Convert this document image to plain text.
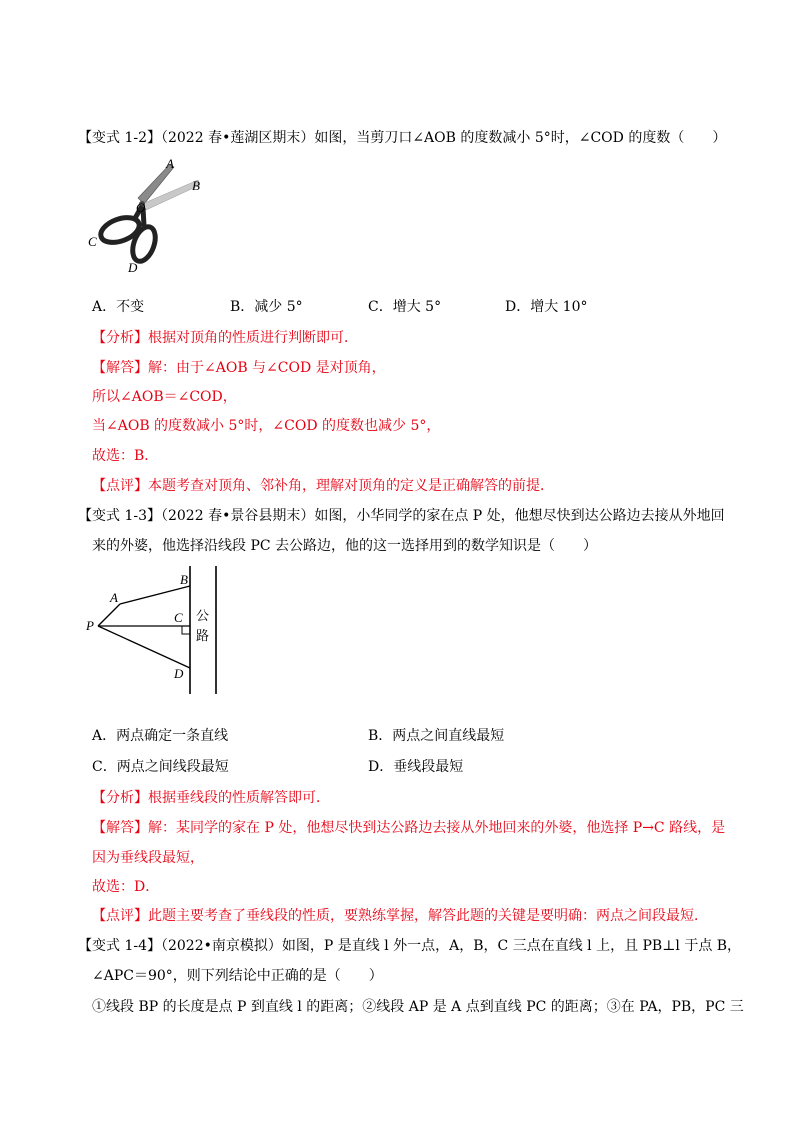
【变式 1-2】（2022 春•莲湖区期末）如图，当剪刀口∠AOB 的度数减小 5°时，∠COD 的度数（　　）
A
B
O
C
D
A．不变	B．减少 5°	C．增大 5°	D．增大 10°
【分析】根据对顶角的性质进行判断即可．
【解答】解：由于∠AOB 与∠COD 是对顶角，
所以∠AOB＝∠COD，
当∠AOB 的度数减小 5°时，∠COD 的度数也减少 5°，
故选：B．
【点评】本题考查对顶角、邻补角，理解对顶角的定义是正确解答的前提．
【变式 1-3】（2022 春•景谷县期末）如图，小华同学的家在点 P 处，他想尽快到达公路边去接从外地回
来的外婆，他选择沿线段 PC 去公路边，他的这一选择用到的数学知识是（　　）
A
B
C
D
P
公
路
A．两点确定一条直线	B．两点之间直线最短
C．两点之间线段最短	D．垂线段最短
【分析】根据垂线段的性质解答即可．
【解答】解：某同学的家在 P 处，他想尽快到达公路边去接从外地回来的外婆，他选择 P→C 路线，是
因为垂线段最短，
故选：D．
【点评】此题主要考查了垂线段的性质，要熟练掌握，解答此题的关键是要明确：两点之间段最短．
【变式 1-4】（2022•南京模拟）如图，P 是直线 l 外一点，A，B，C 三点在直线 l 上，且 PB⊥l 于点 B，
∠APC＝90°，则下列结论中正确的是（　　）
①线段 BP 的长度是点 P 到直线 l 的距离；②线段 AP 是 A 点到直线 PC 的距离；③在 PA，PB，PC 三
